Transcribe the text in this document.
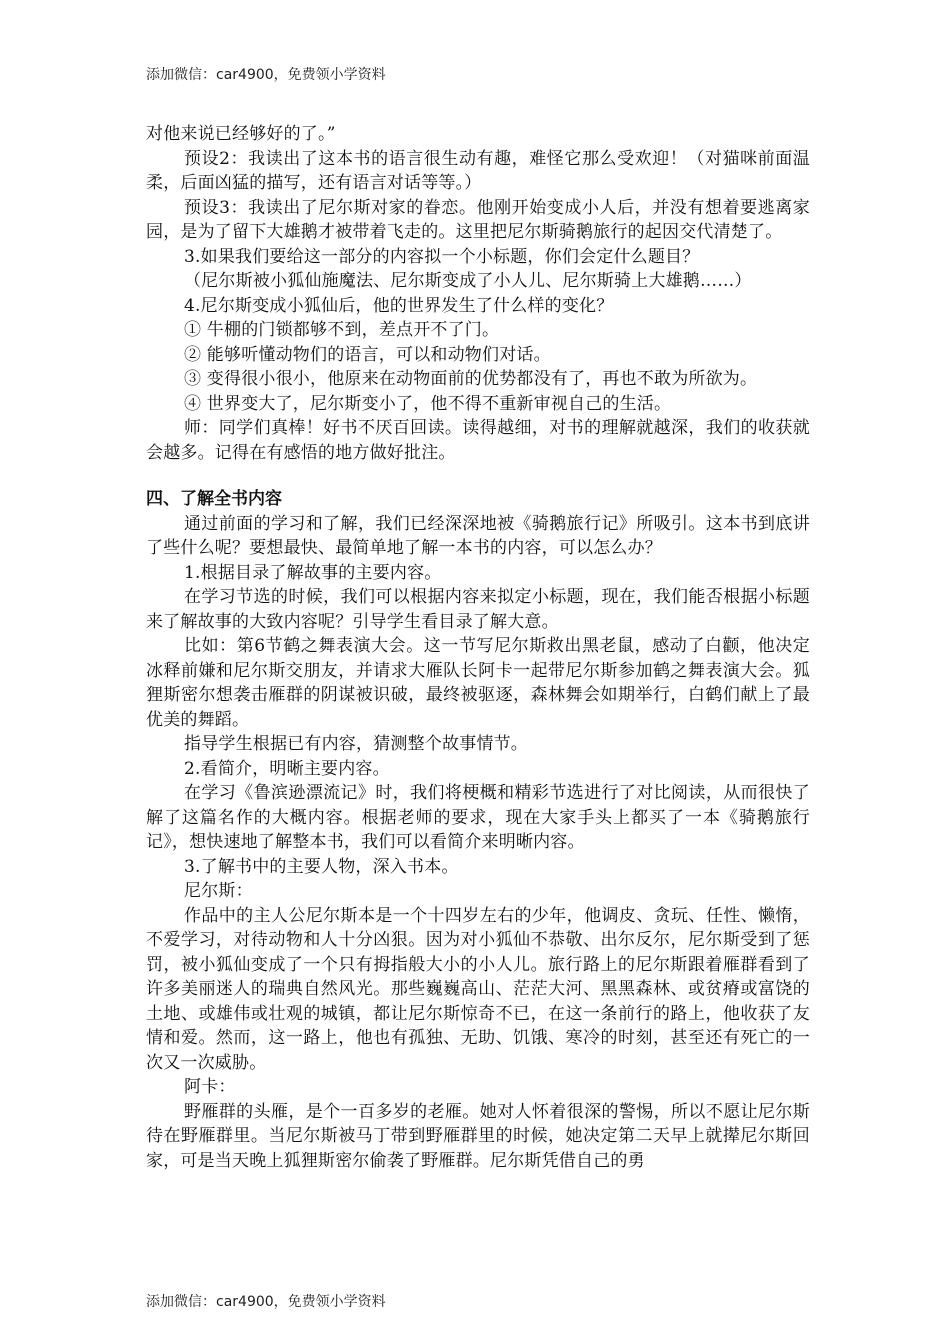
添加微信：car4900，免费领小学资料

对他来说已经够好的了。”

预设2：我读出了这本书的语言很生动有趣，难怪它那么受欢迎！（对猫咪前面温柔，后面凶猛的描写，还有语言对话等等。）

预设3：我读出了尼尔斯对家的眷恋。他刚开始变成小人后，并没有想着要逃离家园，是为了留下大雄鹅才被带着飞走的。这里把尼尔斯骑鹅旅行的起因交代清楚了。

3.如果我们要给这一部分的内容拟一个小标题，你们会定什么题目？

（尼尔斯被小狐仙施魔法、尼尔斯变成了小人儿、尼尔斯骑上大雄鹅……）

4.尼尔斯变成小狐仙后，他的世界发生了什么样的变化？

① 牛棚的门锁都够不到，差点开不了门。

② 能够听懂动物们的语言，可以和动物们对话。

③ 变得很小很小，他原来在动物面前的优势都没有了，再也不敢为所欲为。

④ 世界变大了，尼尔斯变小了，他不得不重新审视自己的生活。

师：同学们真棒！好书不厌百回读。读得越细，对书的理解就越深，我们的收获就会越多。记得在有感悟的地方做好批注。

四、了解全书内容

通过前面的学习和了解，我们已经深深地被《骑鹅旅行记》所吸引。这本书到底讲了些什么呢？要想最快、最简单地了解一本书的内容，可以怎么办？

1.根据目录了解故事的主要内容。

在学习节选的时候，我们可以根据内容来拟定小标题，现在，我们能否根据小标题来了解故事的大致内容呢？引导学生看目录了解大意。

比如：第6节鹤之舞表演大会。这一节写尼尔斯救出黑老鼠，感动了白颧，他决定冰释前嫌和尼尔斯交朋友，并请求大雁队长阿卡一起带尼尔斯参加鹤之舞表演大会。狐狸斯密尔想袭击雁群的阴谋被识破，最终被驱逐，森林舞会如期举行，白鹤们献上了最优美的舞蹈。

指导学生根据已有内容，猜测整个故事情节。

2.看简介，明晰主要内容。

在学习《鲁滨逊漂流记》时，我们将梗概和精彩节选进行了对比阅读，从而很快了解了这篇名作的大概内容。根据老师的要求，现在大家手头上都买了一本《骑鹅旅行记》，想快速地了解整本书，我们可以看简介来明晰内容。

3.了解书中的主要人物，深入书本。

尼尔斯：

作品中的主人公尼尔斯本是一个十四岁左右的少年，他调皮、贪玩、任性、懒惰，不爱学习，对待动物和人十分凶狠。因为对小狐仙不恭敬、出尔反尔，尼尔斯受到了惩罚，被小狐仙变成了一个只有拇指般大小的小人儿。旅行路上的尼尔斯跟着雁群看到了许多美丽迷人的瑞典自然风光。那些巍巍高山、茫茫大河、黑黑森林、或贫瘠或富饶的土地、或雄伟或壮观的城镇，都让尼尔斯惊奇不已，在这一条前行的路上，他收获了友情和爱。然而，这一路上，他也有孤独、无助、饥饿、寒冷的时刻，甚至还有死亡的一次又一次威胁。

阿卡：

野雁群的头雁，是个一百多岁的老雁。她对人怀着很深的警惕，所以不愿让尼尔斯待在野雁群里。当尼尔斯被马丁带到野雁群里的时候，她决定第二天早上就撵尼尔斯回家，可是当天晚上狐狸斯密尔偷袭了野雁群。尼尔斯凭借自己的勇

添加微信：car4900，免费领小学资料
